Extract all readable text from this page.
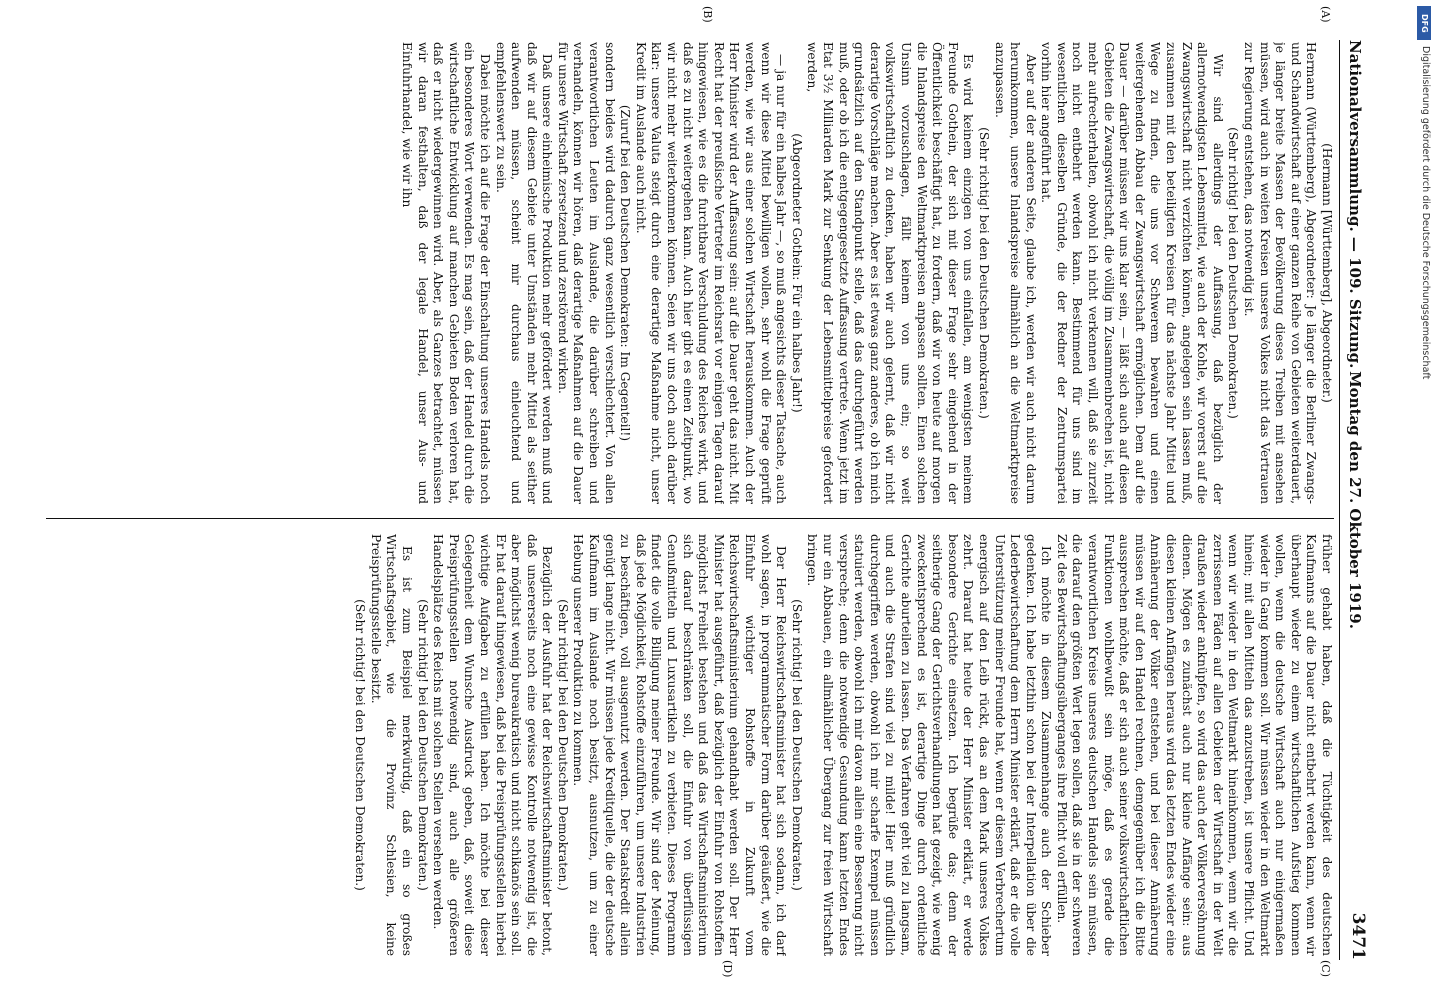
Nationalversammlung. — 109. Sitzung.
Montag den 27. Oktober 1919.
3471
(A)
(B)
(C)
(D)

(Hermann [Württemberg], Abgeordneter.)

Hermann (Württemberg), Abgeordneter: Je länger die Berliner Zwangs- und Schandwirtschaft auf einer ganzen Reihe von Gebieten weiterdauert, je länger breite Massen der Bevölkerung dieses Treiben mit ansehen müssen, wird auch in weiten Kreisen unseres Volkes nicht das Vertrauen zur Regierung entstehen, das notwendig ist.

(Sehr richtig! bei den Deutschen Demokraten.)

Wir sind allerdings der Auffassung, daß bezüglich der allernotwendigsten Lebensmittel, wie auch der Kohle, wir vorerst auf die Zwangswirtschaft nicht verzichten können, angelegen sein lassen muß, zusammen mit den beteiligten Kreisen für das nächste Jahr Mittel und Wege zu finden, die uns vor Schwerem bewahren und einen weitergehenden Abbau der Zwangswirtschaft ermöglichen. Dem auf die Dauer — darüber müssen wir uns klar sein, — läßt sich auch auf diesen Gebieten die Zwangswirtschaft, die völlig im Zusammenbrechen ist, nicht mehr aufrechterhalten, obwohl ich nicht verkennen will, daß sie zurzeit noch nicht entbehrt werden kann. Bestimmend für uns sind im wesentlichen dieselben Gründe, die der Redner der Zentrumspartei vorhin hier angeführt hat.

Aber auf der anderen Seite, glaube ich, werden wir auch nicht darum herumkommen, unsere Inlandspreise allmählich an die Weltmarktpreise anzupassen.

(Sehr richtig! bei den Deutschen Demokraten.)

Es wird keinem einzigen von uns einfallen, am wenigsten meinem Freunde Gothein, der sich mit dieser Frage sehr eingehend in der Öffentlichkeit beschäftigt hat, zu fordern, daß wir von heute auf morgen die Inlandspreise den Weltmarktpreisen anpassen sollten. Einen solchen Unsinn vorzuschlagen, fällt keinem von uns ein; so weit volkswirtschaftlich zu denken, haben wir auch gelernt, daß wir nicht derartige Vorschläge machen. Aber es ist etwas ganz anderes, ob ich mich grundsätzlich auf den Standpunkt stelle, daß das durchgeführt werden muß, oder ob ich die entgegengesetzte Auffassung vertrete. Wenn jetzt im Etat 3½ Milliarden Mark zur Senkung der Lebensmittelpreise gefordert werden,

(Abgeordneter Gothein: Für ein halbes Jahr!)

— ja nur für ein halbes Jahr —, so muß angesichts dieser Tatsache, auch wenn wir diese Mittel bewilligen wollen, sehr wohl die Frage geprüft werden, wie wir aus einer solchen Wirtschaft herauskommen. Auch der Herr Minister wird der Auffassung sein: auf die Dauer geht das nicht. Mit Recht hat der preußische Vertreter im Reichsrat vor einigen Tagen darauf hingewiesen, wie es die furchtbare Verschuldung des Reiches wirkt, und daß es zu nicht weitergehen kann. Auch hier gibt es einen Zeitpunkt, wo wir nicht mehr weiterkommen können. Seien wir uns doch auch darüber klar: unsere Valuta steigt durch eine derartige Maßnahme nicht, unser Kredit im Auslande auch nicht.

(Zuruf bei den Deutschen Demokraten: Im Gegenteil!)

sondern beides wird dadurch ganz wesentlich verschlechtert. Von allen verantwortlichen Leuten im Auslande, die darüber schreiben und verhandeln, können wir hören, daß derartige Maßnahmen auf die Dauer für unsere Wirtschaft zersetzend und zerstörend wirken.

Daß unsere einheimische Produktion mehr gefördert werden muß und daß wir auf diesem Gebiete unter Umständen mehr Mittel als seither aufwenden müssen, scheint mir durchaus einleuchtend und empfehlenswert zu sein.

Dabei möchte ich auf die Frage der Einschaltung unseres Handels noch ein besonderes Wort verwenden. Es mag sein, daß der Handel durch die wirtschaftliche Entwicklung auf manchen Gebieten Boden verloren hat, daß er nicht wiedergewinnen wird. Aber, als Ganzes betrachtet, müssen wir daran festhalten, daß der legale Handel, unser Aus- und Einfuhrhandel, wie wir ihn

früher gehabt haben, daß die Tüchtigkeit des deutschen Kaufmanns auf die Dauer nicht entbehrt werden kann, wenn wir überhaupt wieder zu einem wirtschaftlichen Aufstieg kommen wollen, wenn die deutsche Wirtschaft auch nur einigermaßen wieder in Gang kommen soll. Wir müssen wieder in den Weltmarkt hinein; mit allen Mitteln das anzustreben, ist unsere Pflicht. Und wenn wir wieder in den Weltmarkt hineinkommen, wenn wir die zerrissenen Fäden auf allen Gebieten der Wirtschaft in der Welt draußen wieder anknüpfen, so wird das auch der Völkerversöhnung dienen. Mögen es zunächst auch nur kleine Anfänge sein: aus diesen kleinen Anfängen heraus wird das letzten Endes wieder eine Annäherung der Völker entstehen, und bei dieser Annäherung müssen wir auf den Handel rechnen, demgegenüber ich die Bitte aussprechen möchte, daß er sich auch seiner volkswirtschaftlichen Funktionen wohlbewußt sein möge, daß es gerade die verantwortlichen Kreise unseres deutschen Handels sein müssen, die darauf den größten Wert legen sollen, daß sie in der schweren Zeit des Bewirtschaftungsüberganges ihre Pflicht voll erfüllen.

Ich möchte in diesem Zusammenhange auch der Schieber gedenken. Ich habe letzthin schon bei der Interpellation über die Lederbewirtschaftung dem Herrn Minister erklärt, daß er die volle Unterstützung meiner Freunde hat, wenn er diesem Verbrechertum energisch auf den Leib rückt, das an dem Mark unseres Volkes zehrt. Darauf hat heute der Herr Minister erklärt, er werde besondere Gerichte einsetzen. Ich begrüße das; denn der seitherige Gang der Gerichtsverhandlungen hat gezeigt, wie wenig zweckentsprechend es ist, derartige Dinge durch ordentliche Gerichte aburteilen zu lassen. Das Verfahren geht viel zu langsam, und auch die Strafen sind viel zu milde! Hier muß gründlich durchgegriffen werden, obwohl ich mir scharfe Exempel müssen statuiert werden, obwohl ich mir davon allein eine Besserung nicht verspreche; denn die notwendige Gesundung kann letzten Endes nur ein Abbauen, ein allmählicher Übergang zur freien Wirtschaft bringen.

(Sehr richtig! bei den Deutschen Demokraten.)

Der Herr Reichswirtschaftsminister hat sich sodann, ich darf wohl sagen, in programmatischer Form darüber geäußert, wie die Einfuhr wichtiger Rohstoffe in Zukunft vom Reichswirtschaftsministerium gehandhabt werden soll. Der Herr Minister hat ausgeführt, daß bezüglich der Einfuhr von Rohstoffen möglichst Freiheit bestehen und daß das Wirtschaftsministerium sich darauf beschränken soll, die Einfuhr von überflüssigen Genußmitteln und Luxusartikeln zu verbieten. Dieses Programm findet die volle Billigung meiner Freunde. Wir sind der Meinung, daß jede Möglichkeit, Rohstoffe einzuführen, um unsere Industrien zu beschäftigen, voll ausgenutzt werden. Der Staatskredit allein genügt lange nicht. Wir müssen jede Kreditquelle, die der deutsche Kaufmann im Auslande noch besitzt, ausnutzen, um zu einer Hebung unserer Produktion zu kommen.

(Sehr richtig! bei den Deutschen Demokraten.)

Bezüglich der Ausfuhr hat der Reichswirtschaftsminister betont, daß unsererseits noch eine gewisse Kontrolle notwendig ist, die aber möglichst wenig bureaukratisch und nicht schikanös sein soll. Er hat darauf hingewiesen, daß bei die Preisprüfungsstellen hierbei wichtige Aufgaben zu erfüllen haben. Ich möchte bei dieser Gelegenheit dem Wunsche Ausdruck geben, daß, soweit diese Preisprüfungsstellen notwendig sind, auch alle größeren Handelsplätze des Reichs mit solchen Stellen versehen werden.

(Sehr richtig! bei den Deutschen Demokraten.)

Es ist zum Beispiel merkwürdig, daß ein so großes Wirtschaftsgebiet, wie die Provinz Schlesien, keine Preisprüfungsstelle besitzt.

(Sehr richtig! bei den Deutschen Demokraten.)

DFG
Digitalisierung gefördert durch die Deutsche Forschungsgemeinschaft
